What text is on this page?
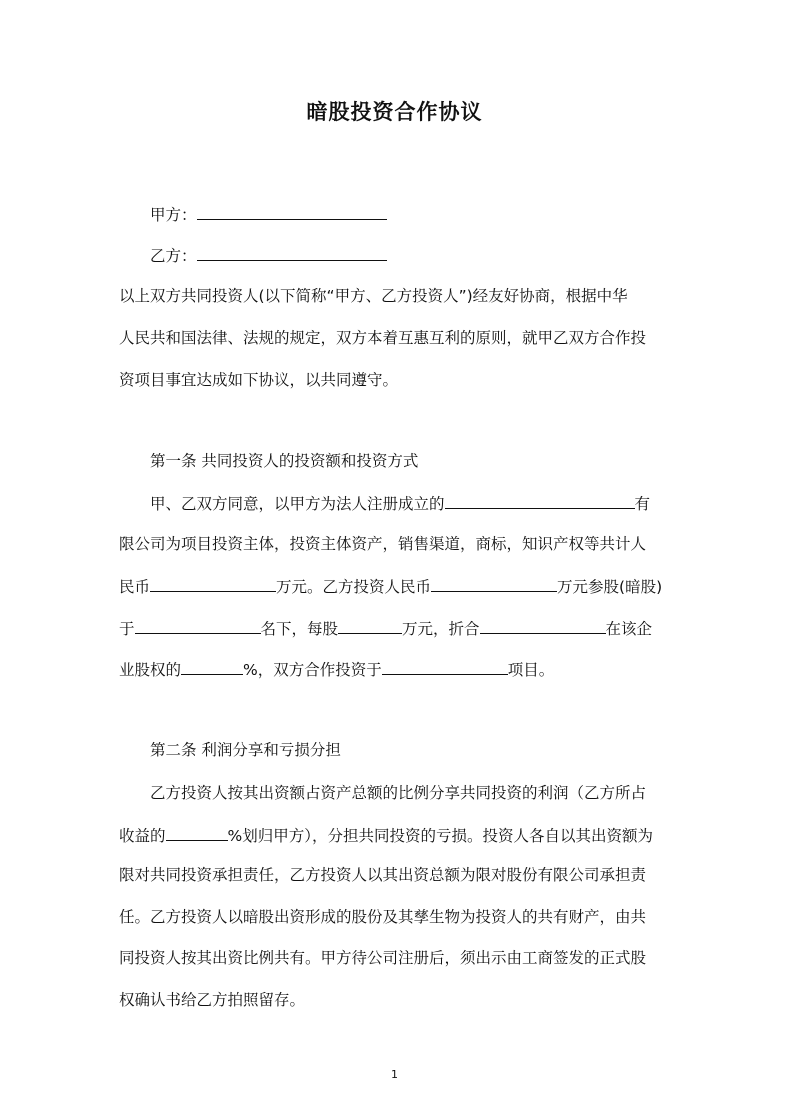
暗股投资合作协议
甲方：
乙方：
以上双方共同投资人(以下简称“甲方、乙方投资人”)经友好协商，根据中华
人民共和国法律、法规的规定，双方本着互惠互利的原则，就甲乙双方合作投
资项目事宜达成如下协议，以共同遵守。
第一条 共同投资人的投资额和投资方式
甲、乙双方同意，以甲方为法人注册成立的	有
限公司为项目投资主体，投资主体资产，销售渠道，商标，知识产权等共计人
民币	万元。乙方投资人民币	万元参股(暗股)
于	名下，每股	万元，折合	在该企
业股权的	%，双方合作投资于	项目。
第二条 利润分享和亏损分担
乙方投资人按其出资额占资产总额的比例分享共同投资的利润（乙方所占
收益的	%划归甲方），分担共同投资的亏损。投资人各自以其出资额为
限对共同投资承担责任，乙方投资人以其出资总额为限对股份有限公司承担责
任。乙方投资人以暗股出资形成的股份及其孳生物为投资人的共有财产，由共
同投资人按其出资比例共有。甲方待公司注册后，须出示由工商签发的正式股
权确认书给乙方拍照留存。
1
